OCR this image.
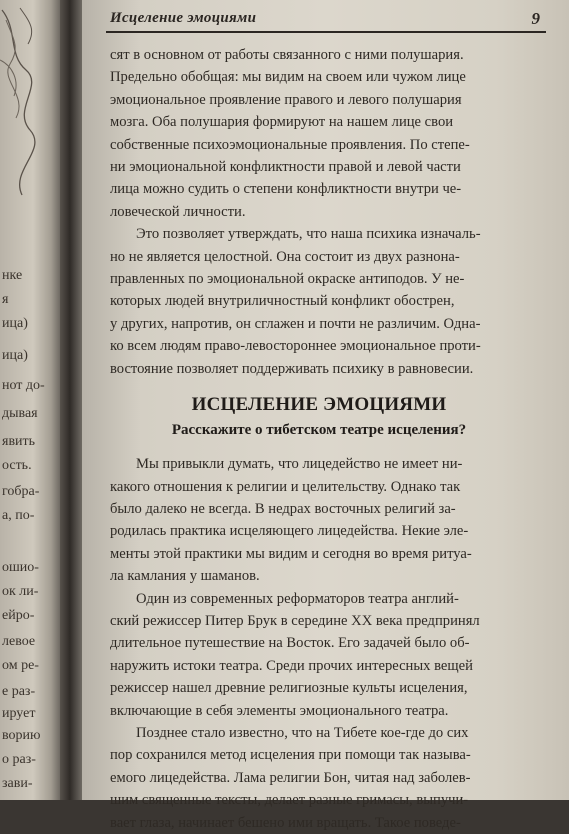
нке
я
ица)
ица)
нот до-
дывая
явить
ость.
гобра-
а, по-
ошио-
ок ли-
ейро-
левое
ом ре-
е раз-
ирует
ворию
о раз-
зави-
Исцеление эмоциями	9
сят в основном от работы связанного с ними полушария.
Предельно обобщая: мы видим на своем или чужом лице
эмоциональное проявление правого и левого полушария
мозга. Оба полушария формируют на нашем лице свои
собственные психоэмоциональные проявления. По степе-
ни эмоциональной конфликтности правой и левой части
лица можно судить о степени конфликтности внутри че-
ловеческой личности.
Это позволяет утверждать, что наша психика изначаль-
но не является целостной. Она состоит из двух разнона-
правленных по эмоциональной окраске антиподов. У не-
которых людей внутриличностный конфликт обострен,
у других, напротив, он сглажен и почти не различим. Одна-
ко всем людям право-левостороннее эмоциональное проти-
востояние позволяет поддерживать психику в равновесии.
ИСЦЕЛЕНИЕ ЭМОЦИЯМИ
Расскажите о тибетском театре исцеления?
Мы привыкли думать, что лицедейство не имеет ни-
какого отношения к религии и целительству. Однако так
было далеко не всегда. В недрах восточных религий за-
родилась практика исцеляющего лицедейства. Некие эле-
менты этой практики мы видим и сегодня во время ритуа-
ла камлания у шаманов.
Один из современных реформаторов театра англий-
ский режиссер Питер Брук в середине XX века предпринял
длительное путешествие на Восток. Его задачей было об-
наружить истоки театра. Среди прочих интересных вещей
режиссер нашел древние религиозные культы исцеления,
включающие в себя элементы эмоционального театра.
Позднее стало известно, что на Тибете кое-где до сих
пор сохранился метод исцеления при помощи так называ-
емого лицедейства. Лама религии Бон, читая над заболев-
шим священные тексты, делает разные гримасы, выпучи-
вает глаза, начинает бешено ими вращать. Такое поведе-
